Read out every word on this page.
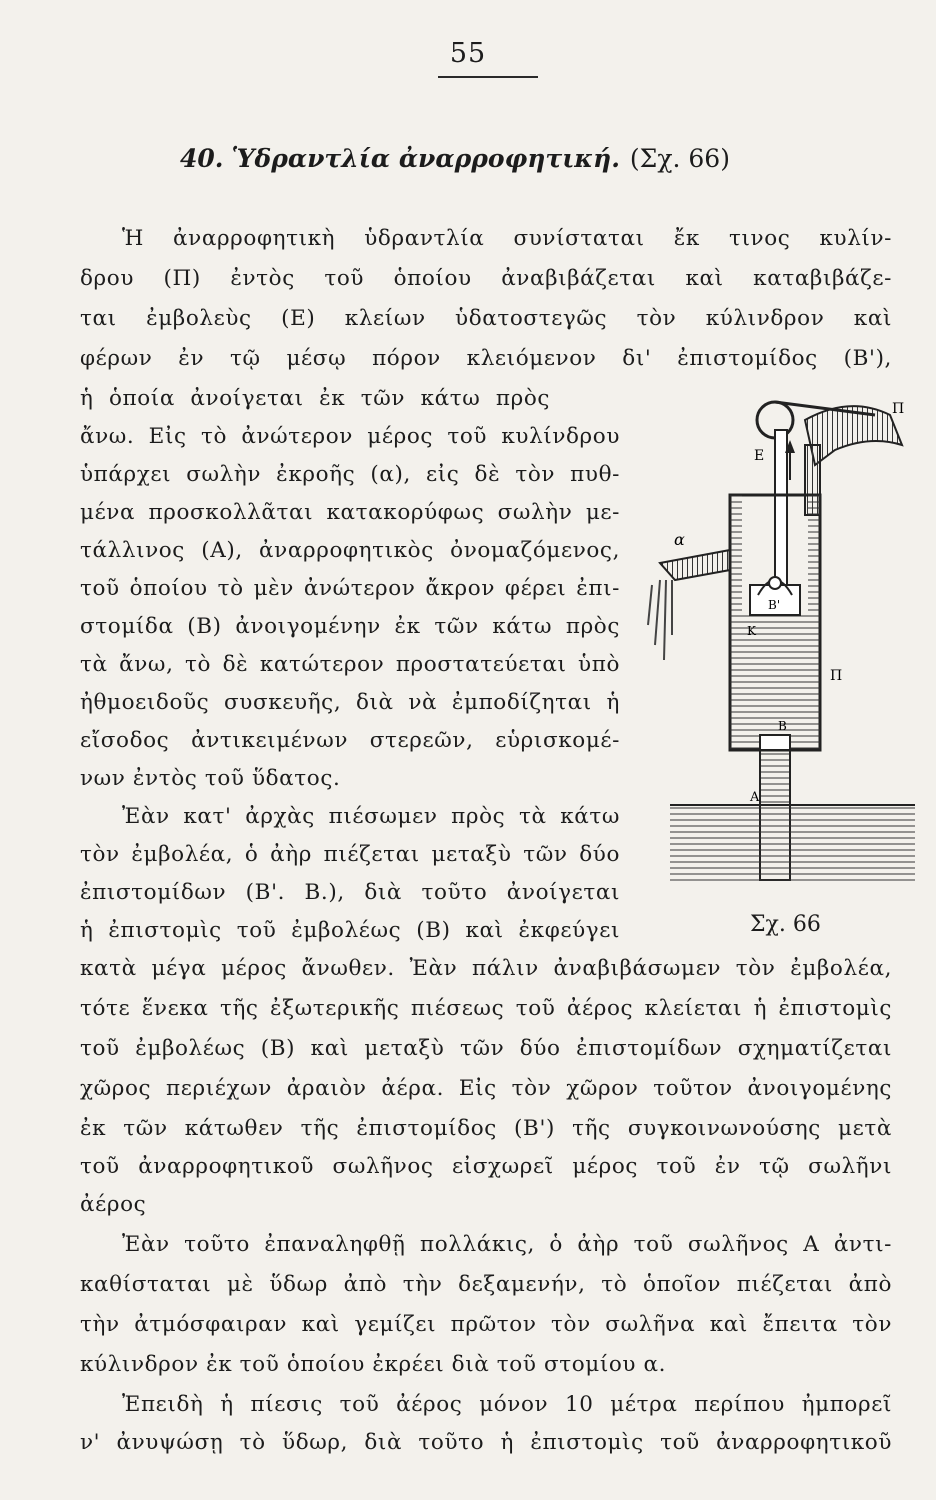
55
40. Ὑδραντλία ἀναρροφητική. (Σχ. 66)
Ἡ ἀναρροφητικὴ ὑδραντλία συνίσταται ἔκ τινος κυλίν-
δρου (Π) ἐντὸς τοῦ ὁποίου ἀναβιβάζεται καὶ καταβιβάζε-
ται ἐμβολεὺς (Ε) κλείων ὑδατοστεγῶς τὸν κύλινδρον καὶ
φέρων ἐν τῷ μέσῳ πόρον κλειόμενον δι' ἐπιστομίδος (Β'),
ἡ ὁποία ἀνοίγεται ἐκ τῶν κάτω πρὸς
ἄνω. Εἰς τὸ ἀνώτερον μέρος τοῦ κυλίνδρου
ὑπάρχει σωλὴν ἐκροῆς (α), εἰς δὲ τὸν πυθ-
μένα προσκολλᾶται κατακορύφως σωλὴν με-
τάλλινος (Α), ἀναρροφητικὸς ὀνομαζόμενος,
τοῦ ὁποίου τὸ μὲν ἀνώτερον ἄκρον φέρει ἐπι-
στομίδα (Β) ἀνοιγομένην ἐκ τῶν κάτω πρὸς
τὰ ἄνω, τὸ δὲ κατώτερον προστατεύεται ὑπὸ
ἠθμοειδοῦς συσκευῆς, διὰ νὰ ἐμποδίζηται ἡ
εἴσοδος ἀντικειμένων στερεῶν, εὑρισκομέ-
νων ἐντὸς τοῦ ὕδατος.
Ἐὰν κατ' ἀρχὰς πιέσωμεν πρὸς τὰ κάτω
τὸν ἐμβολέα, ὁ ἀὴρ πιέζεται μεταξὺ τῶν δύο
ἐπιστομίδων (Β'. Β.), διὰ τοῦτο ἀνοίγεται
ἡ ἐπιστομὶς τοῦ ἐμβολέως (Β) καὶ ἐκφεύγει
κατὰ μέγα μέρος ἄνωθεν. Ἐὰν πάλιν ἀναβιβάσωμεν τὸν ἐμβολέα,
τότε ἕνεκα τῆς ἐξωτερικῆς πιέσεως τοῦ ἀέρος κλείεται ἡ ἐπιστομὶς
τοῦ ἐμβολέως (Β) καὶ μεταξὺ τῶν δύο ἐπιστομίδων σχηματίζεται
χῶρος περιέχων ἀραιὸν ἀέρα. Εἰς τὸν χῶρον τοῦτον ἀνοιγομένης
ἐκ τῶν κάτωθεν τῆς ἐπιστομίδος (Β') τῆς συγκοινωνούσης μετὰ
τοῦ ἀναρροφητικοῦ σωλῆνος εἰσχωρεῖ μέρος τοῦ ἐν τῷ σωλῆνι
ἀέρος
Ἐὰν τοῦτο ἐπαναληφθῇ πολλάκις, ὁ ἀὴρ τοῦ σωλῆνος Α ἀντι-
καθίσταται μὲ ὕδωρ ἀπὸ τὴν δεξαμενήν, τὸ ὁποῖον πιέζεται ἀπὸ
τὴν ἀτμόσφαιραν καὶ γεμίζει πρῶτον τὸν σωλῆνα καὶ ἔπειτα τὸν
κύλινδρον ἐκ τοῦ ὁποίου ἐκρέει διὰ τοῦ στομίου α.
Ἐπειδὴ ἡ πίεσις τοῦ ἀέρος μόνον 10 μέτρα περίπου ἠμπορεῖ
ν' ἀνυψώσῃ τὸ ὕδωρ, διὰ τοῦτο ἡ ἐπιστομὶς τοῦ ἀναρροφητικοῦ
Π
Ε
α
Β'
Κ
Π
Β
Α
Σχ. 66
